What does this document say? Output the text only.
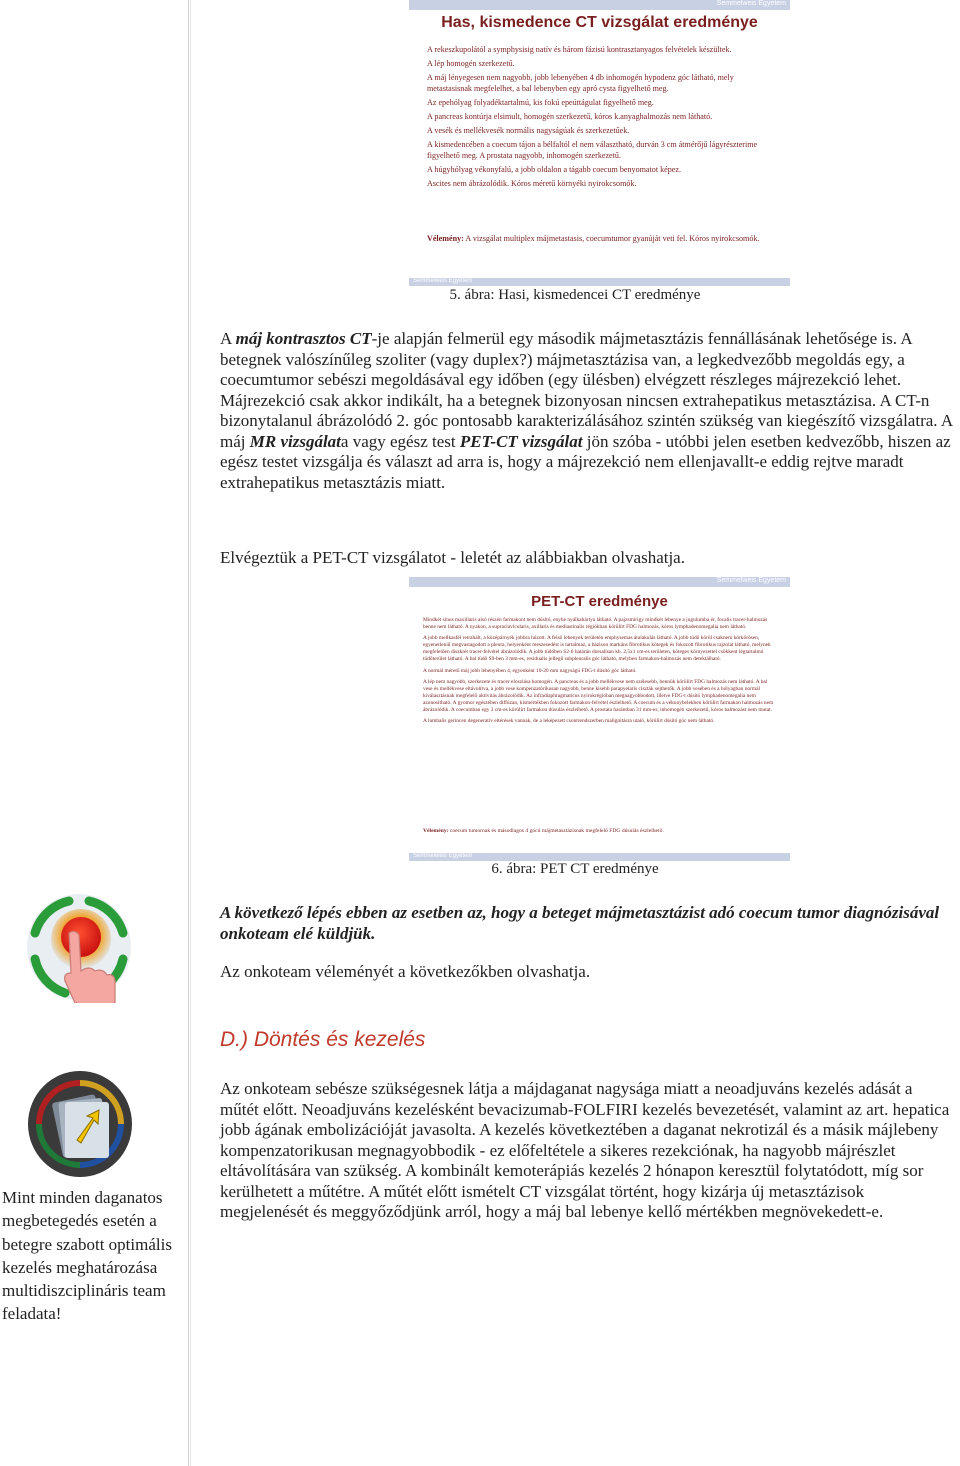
Semmelweis Egyetem
Has, kismedence CT vizsgálat eredménye

A rekeszkupolától a symphysisig natív és három fázisú kontrasztanyagos felvételek készültek.

A lép homogén szerkezetű.

A máj lényegesen nem nagyobb, jobb lebenyében 4 db inhomogén hypodenz góc látható, mely metastasisnak megfelelhet, a bal lebenyben egy apró cysta figyelhető meg.

Az epehólyag folyadéktartalmú, kis fokú epeúttágulat figyelhető meg.

A pancreas kontúrja elsimult, homogén szerkezetű, kóros k.anyaghalmozás nem látható.

A vesék és mellékvesék normális nagyságúak és szerkezetűek.

A kismedencében a coecum tájon a bélfaltól el nem választható, durván 3 cm átmérőjű lágyrészterime figyelhető meg. A prostata nagyobb, inhomogén szerkezetű.

A húgyhólyag vékonyfalú, a jobb oldalon a tágabb coecum benyomatot képez.

Ascites nem ábrázolódik. Kóros méretű környéki nyirokcsomók.

Vélemény: A vizsgálat multiplex májmetastasis, coecumtumor gyanúját veti fel. Kóros nyirokcsomók.
Semmelweis Egyetem
5. ábra: Hasi, kismedencei CT eredménye
A máj kontrasztos CT-je alapján felmerül egy második májmetasztázis fennállásának lehetősége is. A betegnek valószínűleg szoliter (vagy duplex?) májmetasztázisa van, a legkedvezőbb megoldás egy, a coecumtumor sebészi megoldásával egy időben (egy ülésben) elvégzett részleges májrezekció lehet. Májrezekció csak akkor indikált, ha a betegnek bizonyosan nincsen extrahepatikus metasztázisa. A CT-n bizonytalanul ábrázolódó 2. góc pontosabb karakterizálásához szintén szükség van kiegészítő vizsgálatra. A máj MR vizsgálata vagy egész test PET-CT vizsgálat jön szóba - utóbbi jelen esetben kedvezőbb, hiszen az egész testet vizsgálja és választ ad arra is, hogy a májrezekció nem ellenjavallt-e eddig rejtve maradt extrahepatikus metasztázis miatt.
Elvégeztük a PET-CT vizsgálatot - leletét az alábbiakban olvashatja.
Semmelweis Egyetem
PET-CT eredménye

Mindkét sinus maxillaris alsó részén farmakont nem dúsító, enyhe nyálkahártya látható. A pajzsmirigy mindkét lebenye a jugulumba ér, focalis tracer-halmozás benne nem látható. A nyakon, a supraclavicularis, axillaris és mediastinalis régiókban körülírt FDG halmozás, kóros lymphadenomegalia nem látható.

A jobb mellkasfél retrahált, a középárnyék jobbra húzott. A felső lebenyek területén emphysemas átalakulás látható. A jobb tüdő körül csaknem körkörösen, egyenetlenül megvastagodott a pleura, helyenként meszesedést is tartalmaz, a bázison markáns fibrotikus kötegek és fokozott fibrotikus rajzolat látható, melynek megfelelően diszkrét tracer-felvétel ábrázolódik. A jobb tüdőben S2-6 határán dorsalisan kb. 2,5x1 cm-es területen, köteges környezettel csökkent légtartalmú tüdőterület látható. A bal tüdő S9-ben 3 mm-es, residualis jellegű subpleuralis góc látható, melyben farmakon-halmozás nem detektálható.

A normál méretű máj jobb lebenyében 4, egyenként 10-20 mm nagyságú FDG-t dúsító góc látható.

A lép nem nagyobb, szerkezete és tracer eloszlása homogén. A pancreas és a jobb mellékvese nem szélesebb, bennük körülírt FDG halmozás nem látható. A bal vese és mellékvese eltávolítva, a jobb vese kompenzatórikusan nagyobb, benne kisebb parapyelaris ciszták sejthetők. A jobb vesében és a hólyagban normál kiválasztásnak megfelelő aktivitás ábrázolódik. Az infradiaphragmaticus nyirokrégióban megnagyobbodott, illetve FDG-t dúsító lymphadenomegalia nem azonosítható. A gyomor egészében diffúzan, kismértékben fokozott farmakon-felvétel észlelhető. A coecum és a vékonybelekben körülírt farmakon halmozás nem ábrázolódik. A coecumban egy 3 cm-es körülírt farmakon dúsulás észlelhető. A prostata harántban 31 mm-es, inhomogén szerkezetű, kóros halmozást nem mutat.

A lumbalis gerincen degeneratív eltérések vannak, de a leképezett csontrendszerben malignitásra utaló, körülírt dúsító góc nem látható.

Vélemény: coecum tumornak és másodlagos 4 gócú májmetasztázisnak megfelelő FDG dúsulás észlelhető.
Semmelweis Egyetem
6. ábra: PET CT eredménye
A következő lépés ebben az esetben az, hogy a beteget májmetasztázist adó coecum tumor diagnózisával onkoteam elé küldjük.
Az onkoteam véleményét a következőkben olvashatja.
D.) Döntés és kezelés
Az onkoteam sebésze szükségesnek látja a májdaganat nagysága miatt a neoadjuváns kezelés adását a műtét előtt. Neoadjuváns kezelésként bevacizumab-FOLFIRI kezelés bevezetését, valamint az art. hepatica jobb ágának embolizációját javasolta. A kezelés következtében a daganat nekrotizál és a másik májlebeny kompenzatorikusan megnagyobbodik - ez előfeltétele a sikeres rezekciónak, ha nagyobb májrészlet eltávolítására van szükség. A kombinált kemoterápiás kezelés 2 hónapon keresztül folytatódott, míg sor kerülhetett a műtétre. A műtét előtt ismételt CT vizsgálat történt, hogy kizárja új metasztázisok megjelenését és meggyőződjünk arról, hogy a máj bal lebenye kellő mértékben megnövekedett-e.
Mint minden daganatos megbetegedés esetén a betegre szabott optimális kezelés meghatározása multidiszciplináris team feladata!
